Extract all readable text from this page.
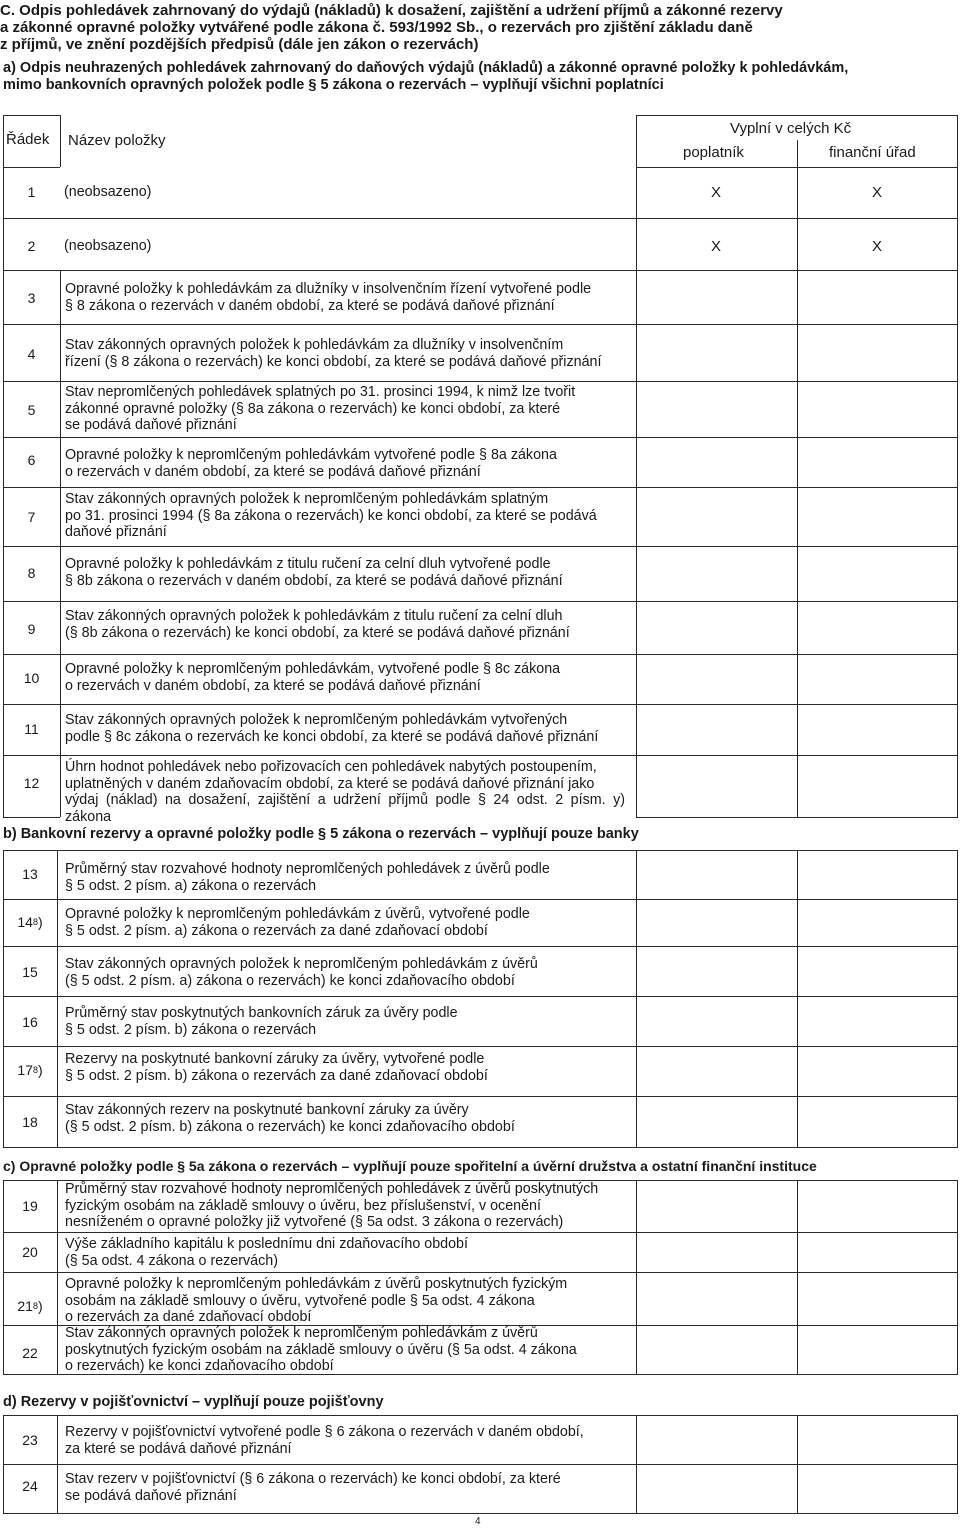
C. Odpis pohledávek zahrnovaný do výdajů (nákladů) k dosažení, zajištění a udržení příjmů a zákonné rezervy
a zákonné opravné položky vytvářené podle zákona č. 593/1992 Sb., o rezervách pro zjištění základu daně
z příjmů, ve znění pozdějších předpisů (dále jen zákon o rezervách)
a) Odpis neuhrazených pohledávek zahrnovaný do daňových výdajů (nákladů) a zákonné opravné položky k pohledávkám,
mimo bankovních opravných položek podle § 5 zákona o rezervách – vyplňují všichni poplatníci
Řádek Název položky
Vyplní v celých Kč
poplatník	finanční úřad
1	(neobsazeno)	X	X
2	(neobsazeno)	X	X
3
Opravné položky k pohledávkám za dlužníky v insolvenčním řízení vytvořené podle
§ 8 zákona o rezervách v daném období, za které se podává daňové přiznání
4
Stav zákonných opravných položek k pohledávkám za dlužníky v insolvenčním
řízení (§ 8 zákona o rezervách) ke konci období, za které se podává daňové přiznání
5
Stav nepromlčených pohledávek splatných po 31. prosinci 1994, k nimž lze tvořit
zákonné opravné položky (§ 8a zákona o rezervách) ke konci období, za které
se podává daňové přiznání
6	Opravné položky k nepromlčeným pohledávkám vytvořené podle § 8a zákona
o rezervách v daném období, za které se podává daňové přiznání
7
Stav zákonných opravných položek k nepromlčeným pohledávkám splatným
po 31. prosinci 1994 (§ 8a zákona o rezervách) ke konci období, za které se podává
daňové přiznání
8
Opravné položky k pohledávkám z titulu ručení za celní dluh vytvořené podle
§ 8b zákona o rezervách v daném období, za které se podává daňové přiznání
9
Stav zákonných opravných položek k pohledávkám z titulu ručení za celní dluh
(§ 8b zákona o rezervách) ke konci období, za které se podává daňové přiznání
10
Opravné položky k nepromlčeným pohledávkám, vytvořené podle § 8c zákona
o rezervách v daném období, za které se podává daňové přiznání
11
Stav zákonných opravných položek k nepromlčeným pohledávkám vytvořených
podle § 8c zákona o rezervách ke konci období, za které se podává daňové přiznání
12
Úhrn hodnot pohledávek nebo pořizovacích cen pohledávek nabytých postoupením,
uplatněných v daném zdaňovacím období, za které se podává daňové přiznání jako
výdaj (náklad) na dosažení, zajištění a udržení příjmů podle § 24 odst. 2 písm. y) zákona
b) Bankovní rezervy a opravné položky podle § 5 zákona o rezervách – vyplňují pouze banky
13	Průměrný stav rozvahové hodnoty nepromlčených pohledávek z úvěrů podle
§ 5 odst. 2 písm. a) zákona o rezervách
14 8 ) Opravné položky k nepromlčeným pohledávkám z úvěrů, vytvořené podle
§ 5 odst. 2 písm. a) zákona o rezervách za dané zdaňovací období
15	Stav zákonných opravných položek k nepromlčeným pohledávkám z úvěrů
(§ 5 odst. 2 písm. a) zákona o rezervách) ke konci zdaňovacího období
16
Průměrný stav poskytnutých bankovních záruk za úvěry podle
§ 5 odst. 2 písm. b) zákona o rezervách
17 8 )
Rezervy na poskytnuté bankovní záruky za úvěry, vytvořené podle
§ 5 odst. 2 písm. b) zákona o rezervách za dané zdaňovací období
18
Stav zákonných rezerv na poskytnuté bankovní záruky za úvěry
(§ 5 odst. 2 písm. b) zákona o rezervách) ke konci zdaňovacího období
c) Opravné položky podle § 5a zákona o rezervách – vyplňují pouze spořitelní a úvěrní družstva a ostatní finanční instituce
19
Průměrný stav rozvahové hodnoty nepromlčených pohledávek z úvěrů poskytnutých
fyzickým osobám na základě smlouvy o úvěru, bez příslušenství, v ocenění
nesníženém o opravné položky již vytvořené (§ 5a odst. 3 zákona o rezervách)
20	Výše základního kapitálu k poslednímu dni zdaňovacího období
(§ 5a odst. 4 zákona o rezervách)
21 8 )
Opravné položky k nepromlčeným pohledávkám z úvěrů poskytnutých fyzickým
osobám na základě smlouvy o úvěru, vytvořené podle § 5a odst. 4 zákona
o rezervách za dané zdaňovací období
22
Stav zákonných opravných položek k nepromlčeným pohledávkám z úvěrů
poskytnutých fyzickým osobám na základě smlouvy o úvěru (§ 5a odst. 4 zákona
o rezervách) ke konci zdaňovacího období
d) Rezervy v pojišťovnictví – vyplňují pouze pojišťovny
23	Rezervy v pojišťovnictví vytvořené podle § 6 zákona o rezervách v daném období,
za které se podává daňové přiznání
24	Stav rezerv v pojišťovnictví (§ 6 zákona o rezervách) ke konci období, za které
se podává daňové přiznání
4
